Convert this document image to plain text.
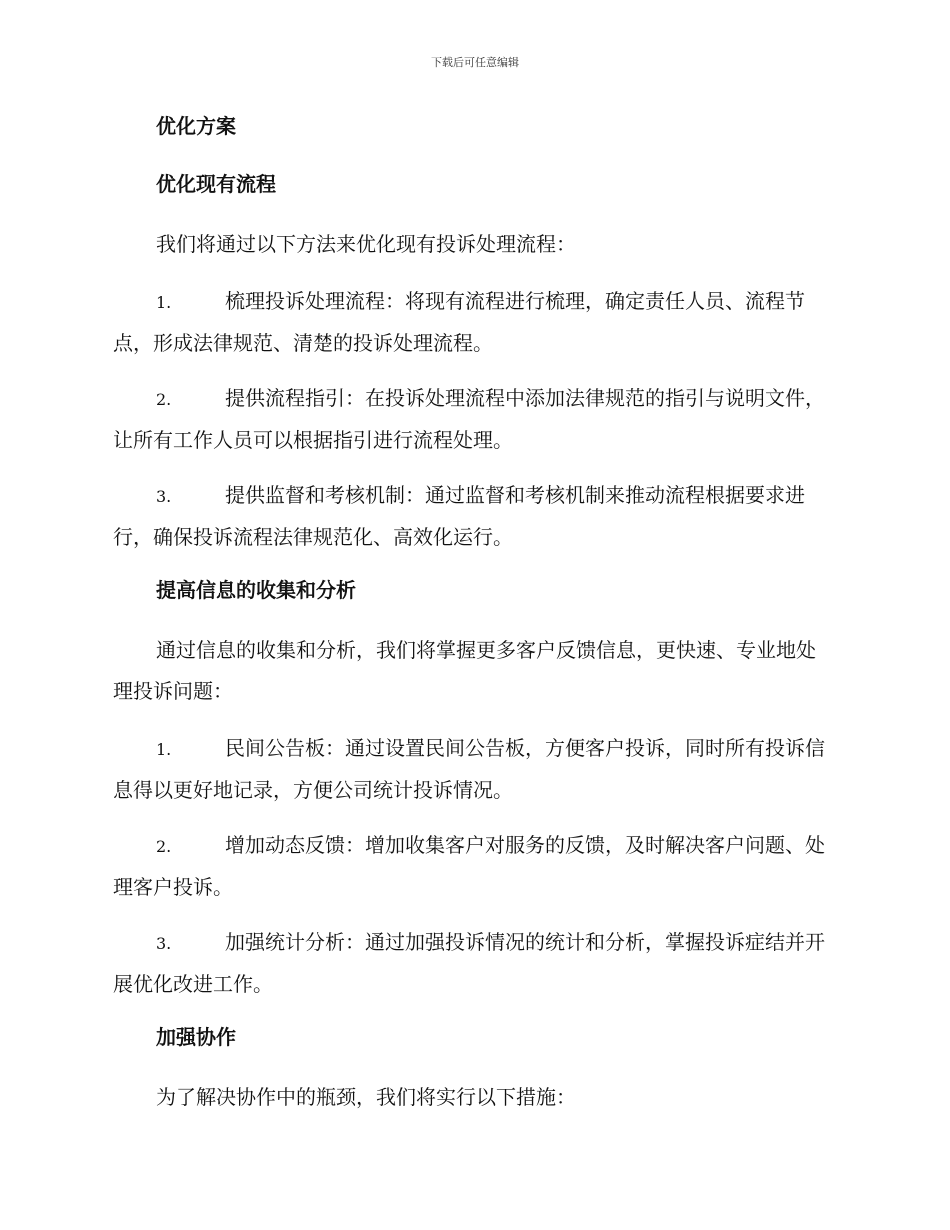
下载后可任意编辑
优化方案
优化现有流程
我们将通过以下方法来优化现有投诉处理流程：
1.	梳理投诉处理流程：将现有流程进行梳理，确定责任人员、流程节点，形成法律规范、清楚的投诉处理流程。
2.	提供流程指引：在投诉处理流程中添加法律规范的指引与说明文件，让所有工作人员可以根据指引进行流程处理。
3.	提供监督和考核机制：通过监督和考核机制来推动流程根据要求进行，确保投诉流程法律规范化、高效化运行。
提高信息的收集和分析
通过信息的收集和分析，我们将掌握更多客户反馈信息，更快速、专业地处理投诉问题：
1.	民间公告板：通过设置民间公告板，方便客户投诉，同时所有投诉信息得以更好地记录，方便公司统计投诉情况。
2.	增加动态反馈：增加收集客户对服务的反馈，及时解决客户问题、处理客户投诉。
3.	加强统计分析：通过加强投诉情况的统计和分析，掌握投诉症结并开展优化改进工作。
加强协作
为了解决协作中的瓶颈，我们将实行以下措施：
